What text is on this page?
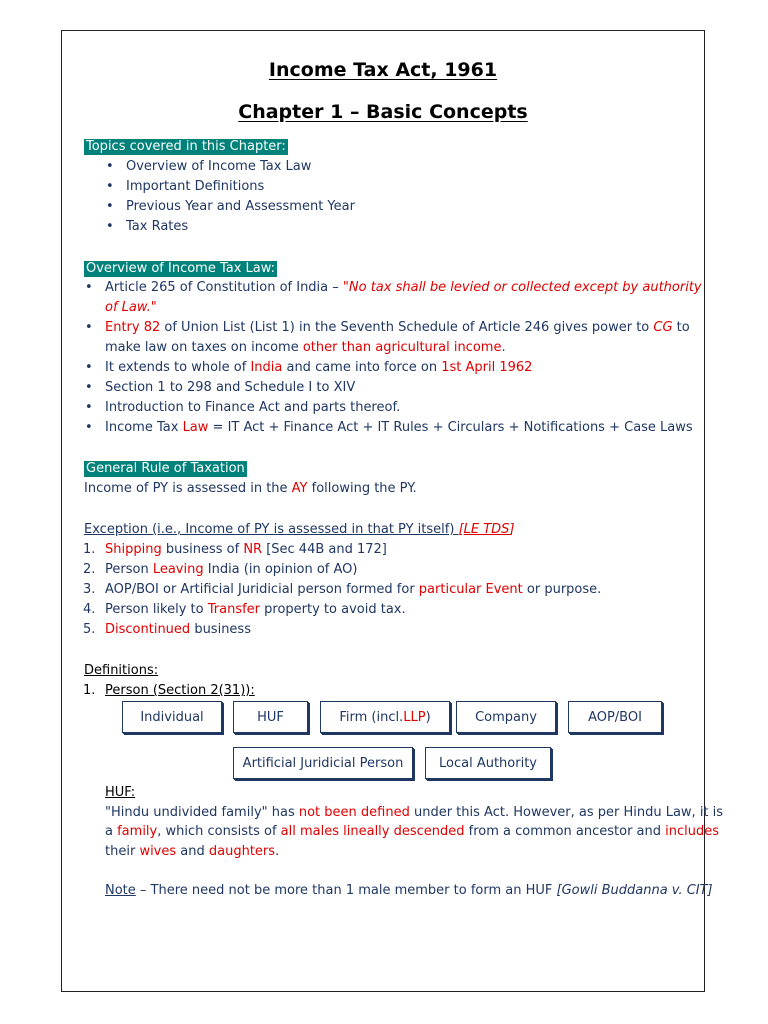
Income Tax Act, 1961
Chapter 1 – Basic Concepts
Topics covered in this Chapter:
• Overview of Income Tax Law
• Important Definitions
• Previous Year and Assessment Year
• Tax Rates
Overview of Income Tax Law:
• Article 265 of Constitution of India – "No tax shall be levied or collected except by authority
of Law."
• Entry 82 of Union List (List 1) in the Seventh Schedule of Article 246 gives power to CG to
make law on taxes on income other than agricultural income.
• It extends to whole of India and came into force on 1st April 1962
• Section 1 to 298 and Schedule I to XIV
• Introduction to Finance Act and parts thereof.
• Income Tax Law = IT Act + Finance Act + IT Rules + Circulars + Notifications + Case Laws
General Rule of Taxation
Income of PY is assessed in the AY following the PY.
Exception (i.e., Income of PY is assessed in that PY itself) [LE TDS]
1. Shipping business of NR [Sec 44B and 172]
2. Person Leaving India (in opinion of AO)
3. AOP/BOI or Artificial Juridicial person formed for particular Event or purpose.
4. Person likely to Transfer property to avoid tax.
5. Discontinued business
Definitions:
1. Person (Section 2(31)):
Individual	HUF	Firm (incl. LLP )	Company	AOP/BOI
Artificial Juridicial Person	Local Authority
HUF:
"Hindu undivided family" has not been defined under this Act. However, as per Hindu Law, it is
a family, which consists of all males lineally descended from a common ancestor and includes
their wives and daughters.
Note – There need not be more than 1 male member to form an HUF [Gowli Buddanna v. CIT]
